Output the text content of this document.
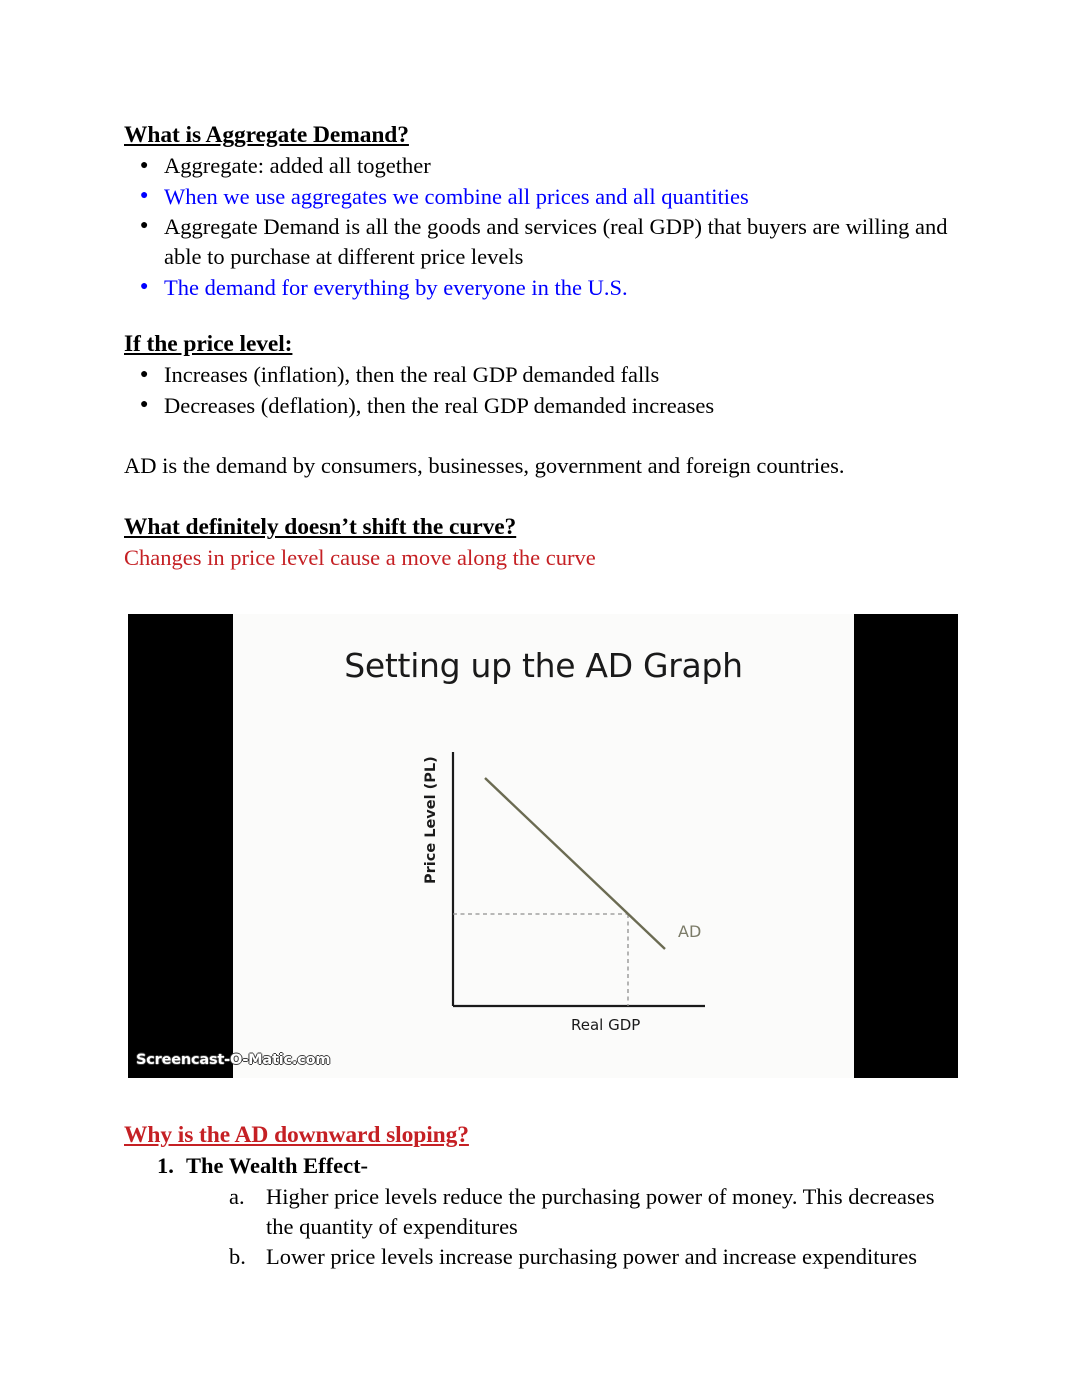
What is Aggregate Demand?
● Aggregate: added all together
● When we use aggregates we combine all prices and all quantities
● Aggregate Demand is all the goods and services (real GDP) that buyers are willing and able to purchase at different price levels
● The demand for everything by everyone in the U.S.
If the price level:
● Increases (inflation), then the real GDP demanded falls
● Decreases (deflation), then the real GDP demanded increases

AD is the demand by consumers, businesses, government and foreign countries.

What definitely doesn’t shift the curve?

Changes in price level cause a move along the curve

Setting up the AD Graph
AD
Price Level (PL)
Real GDP
Screencast-O-Matic.com
Why is the AD downward sloping?
1. The Wealth Effect-
a. Higher price levels reduce the purchasing power of money. This decreases the quantity of expenditures
b. Lower price levels increase purchasing power and increase expenditures
